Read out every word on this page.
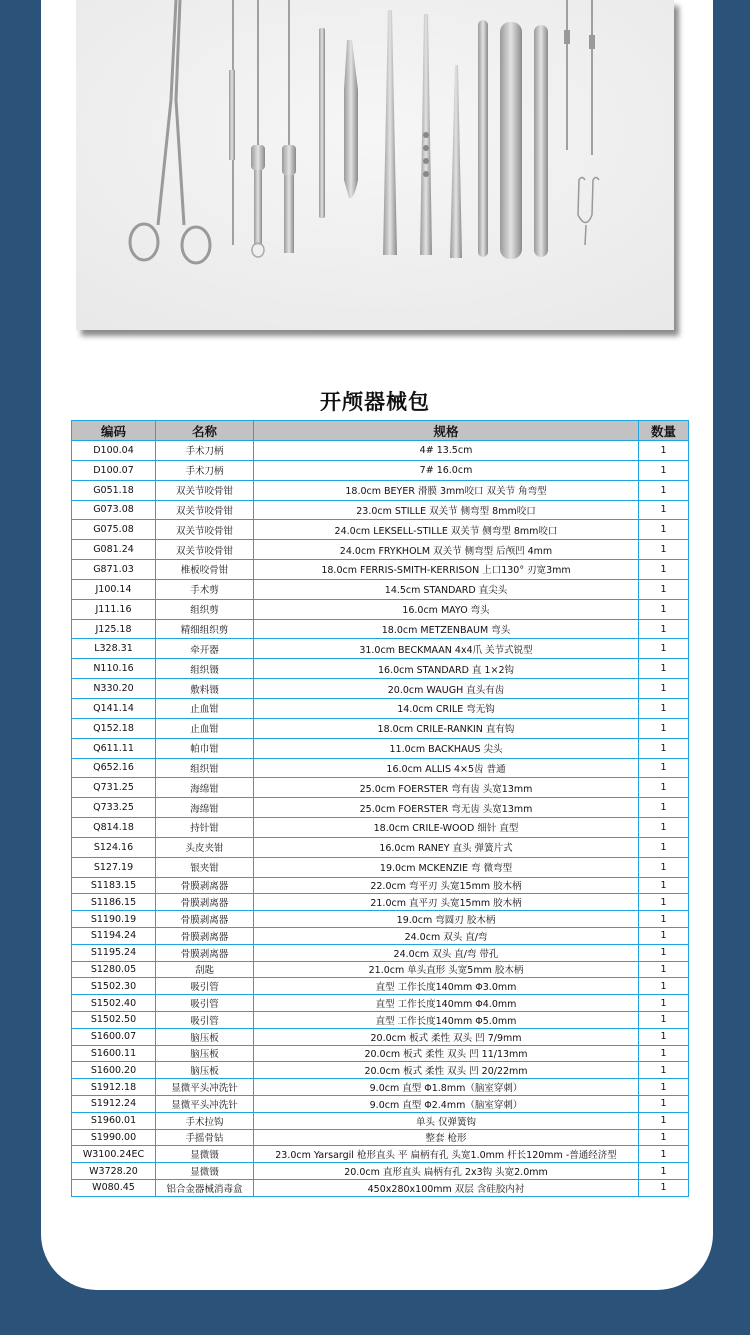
开颅器械包
编码	名称	规格	数量
D100.04	手术刀柄	4# 13.5cm	1
D100.07	手术刀柄	7# 16.0cm	1
G051.18	双关节咬骨钳	18.0cm BEYER 滑膜 3mm咬口 双关节 角弯型	1
G073.08	双关节咬骨钳	23.0cm STILLE 双关节 侧弯型 8mm咬口	1
G075.08	双关节咬骨钳	24.0cm LEKSELL-STILLE 双关节 侧弯型 8mm咬口	1
G081.24	双关节咬骨钳	24.0cm FRYKHOLM 双关节 侧弯型 后颅凹 4mm	1
G871.03	椎板咬骨钳	18.0cm FERRIS-SMITH-KERRISON 上口130° 刃宽3mm	1
J100.14	手术剪	14.5cm STANDARD 直尖头	1
J111.16	组织剪	16.0cm MAYO 弯头	1
J125.18	精细组织剪	18.0cm METZENBAUM 弯头	1
L328.31	牵开器	31.0cm BECKMAAN 4x4爪 关节式锐型	1
N110.16	组织镊	16.0cm STANDARD 直 1×2钩	1
N330.20	敷料镊	20.0cm WAUGH 直头有齿	1
Q141.14	止血钳	14.0cm CRILE 弯无钩	1
Q152.18	止血钳	18.0cm CRILE-RANKIN 直有钩	1
Q611.11	帕巾钳	11.0cm BACKHAUS 尖头	1
Q652.16	组织钳	16.0cm ALLIS 4×5齿 普通	1
Q731.25	海绵钳	25.0cm FOERSTER 弯有齿 头宽13mm	1
Q733.25	海绵钳	25.0cm FOERSTER 弯无齿 头宽13mm	1
Q814.18	持针钳	18.0cm CRILE-WOOD 细针 直型	1
S124.16	头皮夹钳	16.0cm RANEY 直头 弹簧片式	1
S127.19	银夹钳	19.0cm MCKENZIE 弯 微弯型	1
S1183.15	骨膜剥离器	22.0cm 弯平刃 头宽15mm 胶木柄	1
S1186.15	骨膜剥离器	21.0cm 直平刃 头宽15mm 胶木柄	1
S1190.19	骨膜剥离器	19.0cm 弯圆刃 胶木柄	1
S1194.24	骨膜剥离器	24.0cm 双头 直/弯	1
S1195.24	骨膜剥离器	24.0cm 双头 直/弯 带孔	1
S1280.05	刮匙	21.0cm 单头直形 头宽5mm 胶木柄	1
S1502.30	吸引管	直型 工作长度140mm Φ3.0mm	1
S1502.40	吸引管	直型 工作长度140mm Φ4.0mm	1
S1502.50	吸引管	直型 工作长度140mm Φ5.0mm	1
S1600.07	脑压板	20.0cm 板式 柔性 双头 凹 7/9mm	1
S1600.11	脑压板	20.0cm 板式 柔性 双头 凹 11/13mm	1
S1600.20	脑压板	20.0cm 板式 柔性 双头 凹 20/22mm	1
S1912.18	显微平头冲洗针	9.0cm 直型 Φ1.8mm（脑室穿刺）	1
S1912.24	显微平头冲洗针	9.0cm 直型 Φ2.4mm（脑室穿刺）	1
S1960.01	手术拉钩	单头 仅弹簧钩	1
S1990.00	手摇骨钻	整套 枪形	1
W3100.24EC	显微镊	23.0cm Yarsargil 枪形直头 平 扁柄有孔 头宽1.0mm 杆长120mm -普通经济型	1
W3728.20	显微镊	20.0cm 直形直头 扁柄有孔 2x3钩 头宽2.0mm	1
W080.45	铝合金器械消毒盒	450x280x100mm 双层 含硅胶内衬	1
